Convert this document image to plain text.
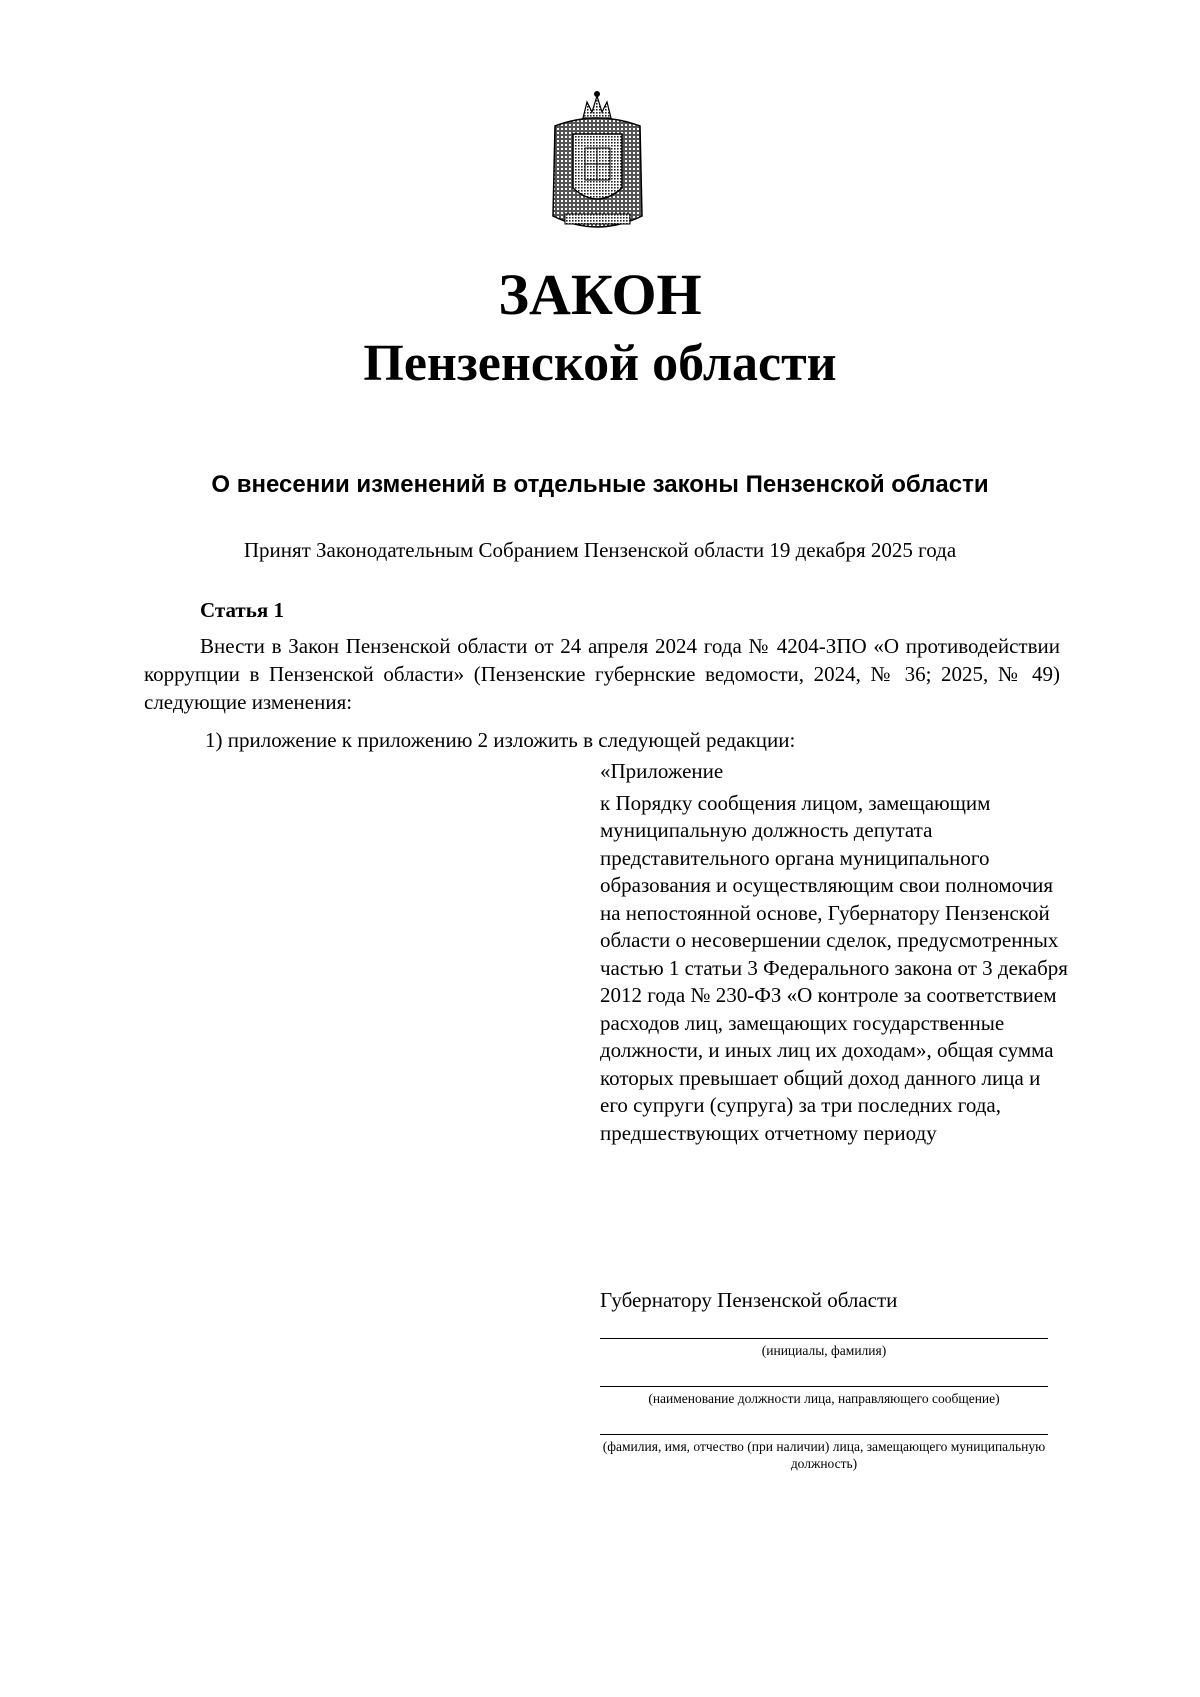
ЗАКОН
Пензенской области
О внесении изменений в отдельные законы Пензенской области
Принят Законодательным Собранием Пензенской области 19 декабря 2025 года
Статья 1

Внести в Закон Пензенской области от 24 апреля 2024 года № 4204-ЗПО «О противодействии коррупции в Пензенской области» (Пензенские губернские ведомости, 2024, № 36; 2025, № 49) следующие изменения:

1) приложение к приложению 2 изложить в следующей редакции:
«Приложение
к Порядку сообщения лицом, замещающим муниципальную должность депутата представительного органа муниципального образования и осуществляющим свои полномочия на непостоянной основе, Губернатору Пензенской области о несовершении сделок, предусмотренных частью 1 статьи 3 Федерального закона от 3 декабря 2012 года № 230-ФЗ «О контроле за соответствием расходов лиц, замещающих государственные должности, и иных лиц их доходам», общая сумма которых превышает общий доход данного лица и его супруги (супруга) за три последних года, предшествующих отчетному периоду
Губернатору Пензенской области
(инициалы, фамилия)
(наименование должности лица, направляющего сообщение)
(фамилия, имя, отчество (при наличии) лица, замещающего муниципальную должность)
